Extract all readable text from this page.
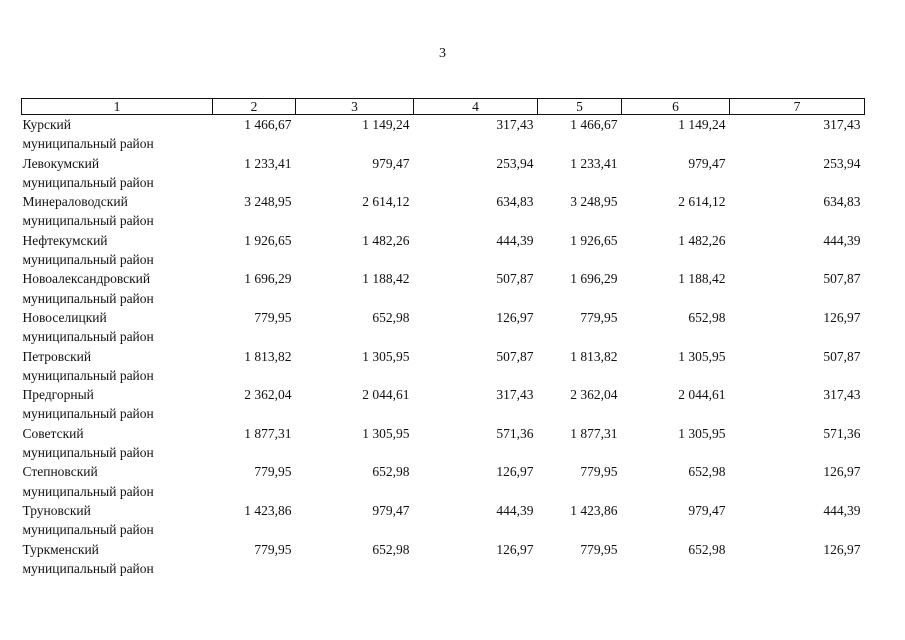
3
1	2	3	4	5	6	7

Курский
муниципальный район	1 466,67	1 149,24	317,43	1 466,67	1 149,24	317,43

Левокумский
муниципальный район	1 233,41	979,47	253,94	1 233,41	979,47	253,94

Минераловодский
муниципальный район	3 248,95	2 614,12	634,83	3 248,95	2 614,12	634,83

Нефтекумский
муниципальный район	1 926,65	1 482,26	444,39	1 926,65	1 482,26	444,39

Новоалександровский
муниципальный район	1 696,29	1 188,42	507,87	1 696,29	1 188,42	507,87

Новоселицкий
муниципальный район	779,95	652,98	126,97	779,95	652,98	126,97

Петровский
муниципальный район	1 813,82	1 305,95	507,87	1 813,82	1 305,95	507,87

Предгорный
муниципальный район	2 362,04	2 044,61	317,43	2 362,04	2 044,61	317,43

Советский
муниципальный район	1 877,31	1 305,95	571,36	1 877,31	1 305,95	571,36

Степновский
муниципальный район	779,95	652,98	126,97	779,95	652,98	126,97

Труновский
муниципальный район	1 423,86	979,47	444,39	1 423,86	979,47	444,39

Туркменский
муниципальный район	779,95	652,98	126,97	779,95	652,98	126,97
